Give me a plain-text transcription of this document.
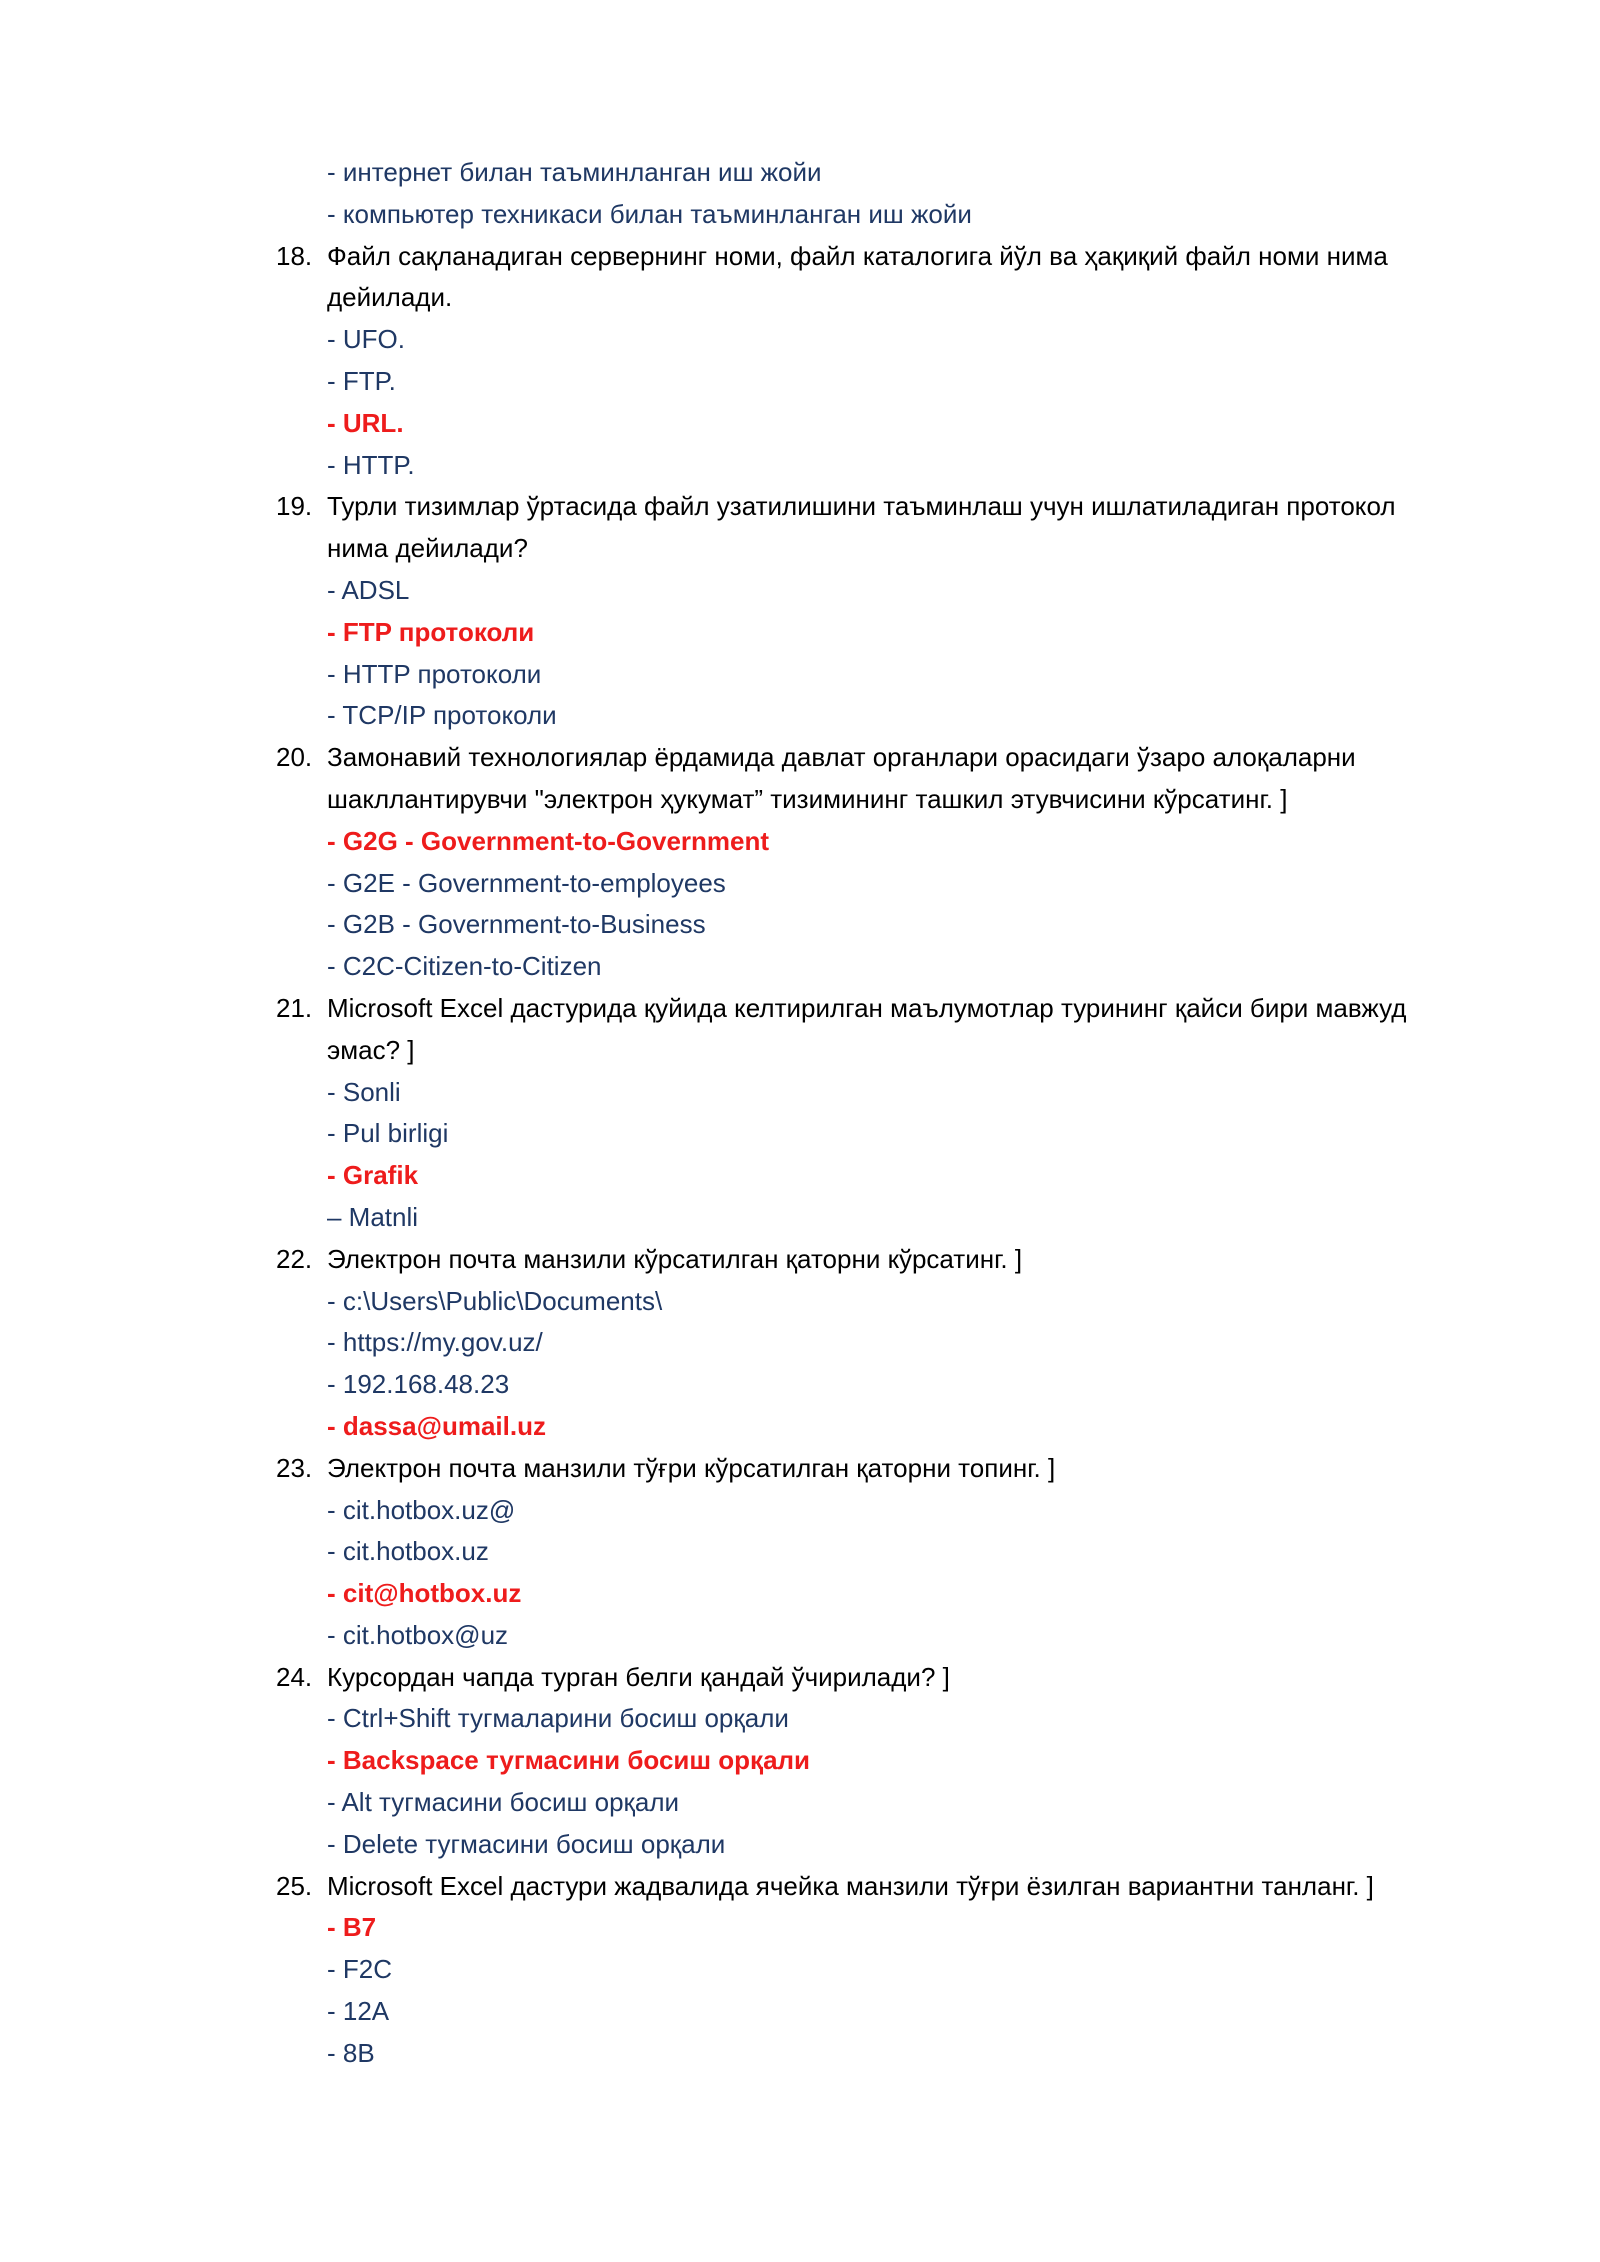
- интернет билан таъминланган иш жойи
- компьютер техникаси билан таъминланган иш жойи
18. Файл сақланадиган сервернинг номи, файл каталогига йўл ва ҳақиқий файл номи нима
дейилади.
- UFO.
- FTP.
- URL.
- HTTP.
19. Турли тизимлар ўртасида файл узатилишини таъминлаш учун ишлатиладиган протокол
нима дейилади?
- ADSL
- FTP протоколи
- HTTP протоколи
- TCP/IP протоколи
20. Замонавий технологиялар ёрдамида давлат органлари орасидаги ўзаро алоқаларни
шакллантирувчи "электрон ҳукумат” тизимининг ташкил этувчисини кўрсатинг. ]
- G2G - Government-to-Government
- G2E - Government-to-employees
- G2B - Government-to-Business
- C2C-Citizen-to-Citizen
21. Microsoft Excel дастурида қуйида келтирилган маълумотлар турининг қайси бири мавжуд
эмас? ]
- Sonli
- Pul birligi
- Grafik
– Matnli
22. Электрон почта манзили кўрсатилган қаторни кўрсатинг. ]
- c:\Users\Public\Documents\
- https://my.gov.uz/
- 192.168.48.23
- dassa@umail.uz
23. Электрон почта манзили тўғри кўрсатилган қаторни топинг. ]
- cit.hotbox.uz@
- cit.hotbox.uz
- cit@hotbox.uz
- cit.hotbox@uz
24. Курсордан чапда турган белги қандай ўчирилади? ]
- Ctrl+Shift тугмаларини босиш орқали
- Backspace тугмасини босиш орқали
- Alt тугмасини босиш орқали
- Delete тугмасини босиш орқали
25. Microsoft Excel дастури жадвалида ячейка манзили тўғри ёзилган вариантни танланг. ]
- B7
- F2C
- 12A
- 8B
